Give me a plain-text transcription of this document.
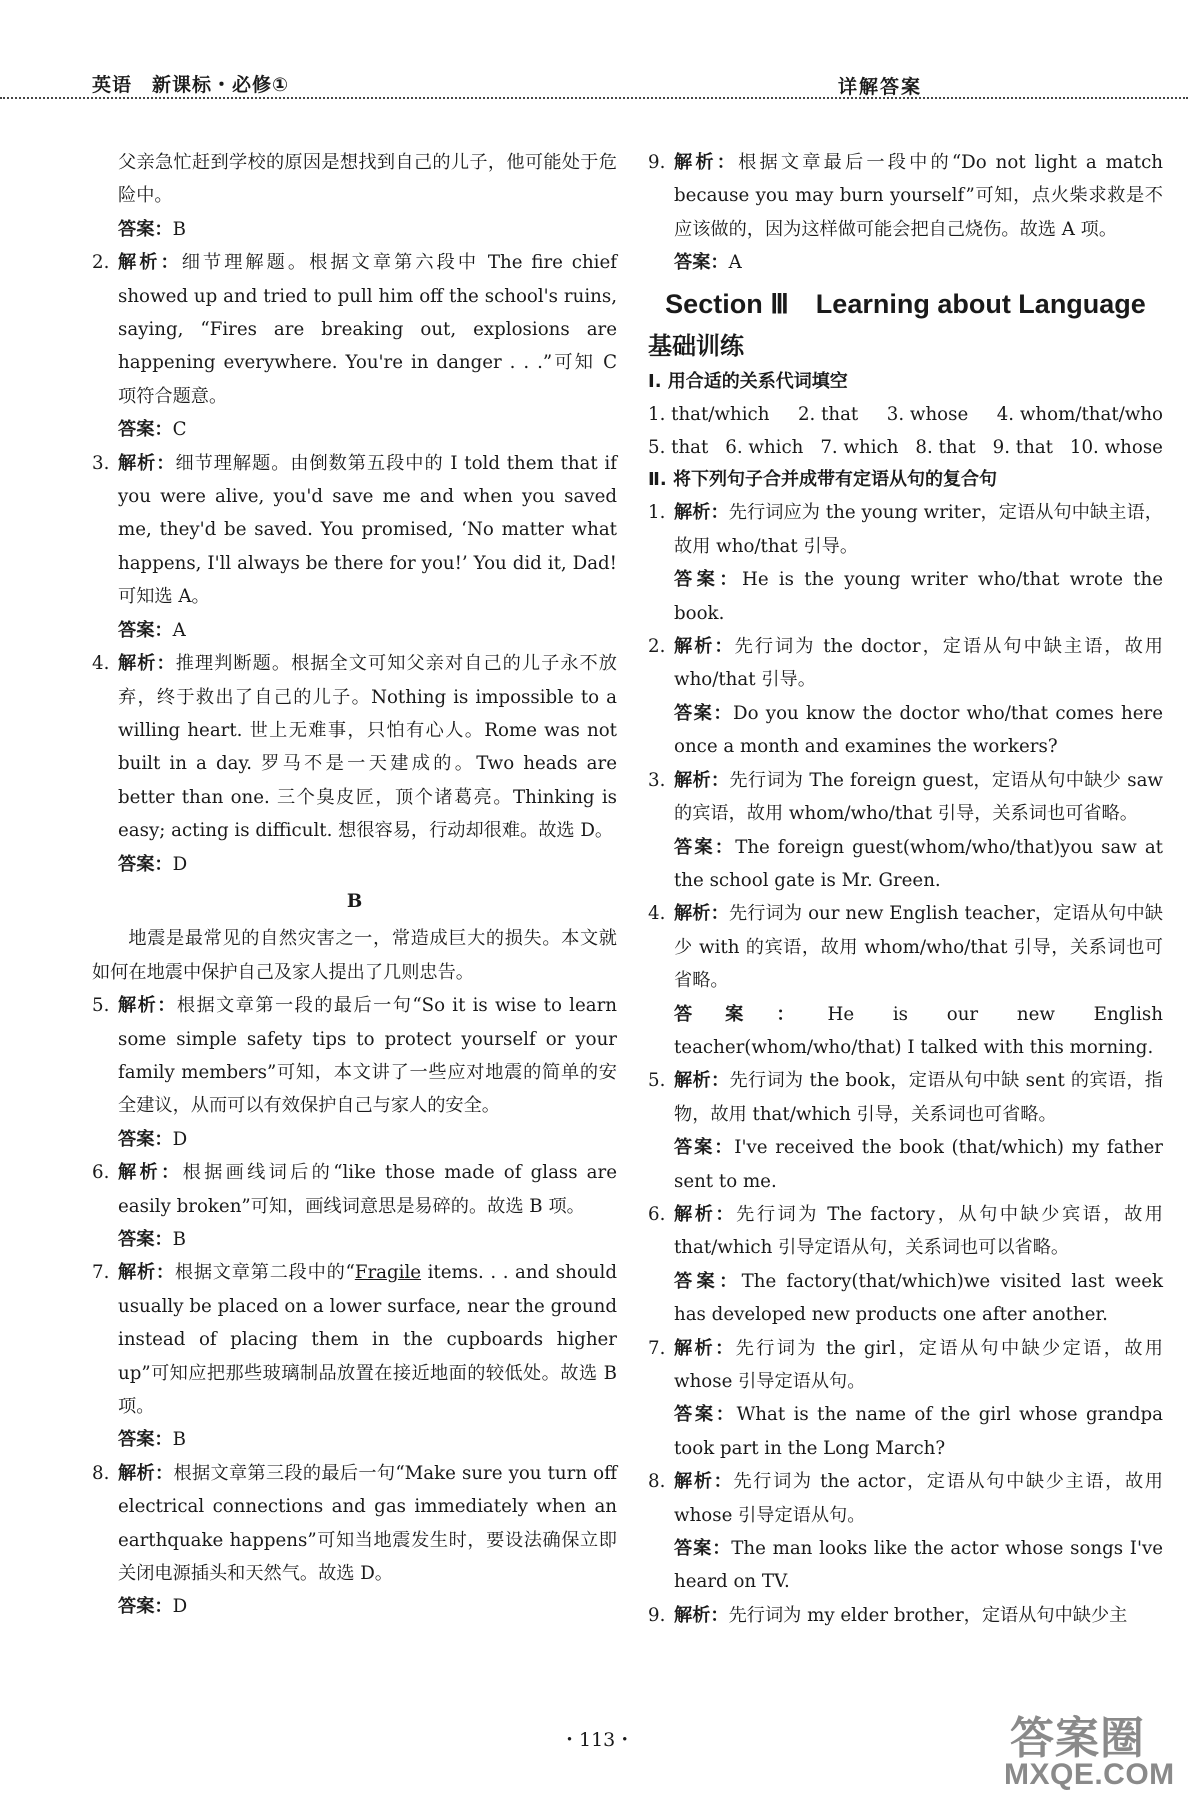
英语　新课标・必修①	详解答案
父亲急忙赶到学校的原因是想找到自己的儿子，他可能处于危险中。
答案：B
2. 解析：细节理解题。根据文章第六段中 The fire chief showed up and tried to pull him off the school's ruins, saying, “Fires are breaking out, explosions are happening everywhere. You're in danger . . .”可知 C 项符合题意。
答案：C
3. 解析：细节理解题。由倒数第五段中的 I told them that if you were alive, you'd save me and when you saved me, they'd be saved. You promised, ‘No matter what happens, I'll always be there for you!’ You did it, Dad! 可知选 A。
答案：A
4. 解析：推理判断题。根据全文可知父亲对自己的儿子永不放弃，终于救出了自己的儿子。Nothing is impossible to a willing heart. 世上无难事，只怕有心人。Rome was not built in a day. 罗马不是一天建成的。Two heads are better than one. 三个臭皮匠，顶个诸葛亮。Thinking is easy; acting is difficult. 想很容易，行动却很难。故选 D。
答案：D
B
地震是最常见的自然灾害之一，常造成巨大的损失。本文就如何在地震中保护自己及家人提出了几则忠告。
5. 解析：根据文章第一段的最后一句“So it is wise to learn some simple safety tips to protect yourself or your family members”可知，本文讲了一些应对地震的简单的安全建议，从而可以有效保护自己与家人的安全。
答案：D
6. 解析：根据画线词后的“like those made of glass are easily broken”可知，画线词意思是易碎的。故选 B 项。
答案：B
7. 解析：根据文章第二段中的“Fragile items. . . and should usually be placed on a lower surface, near the ground instead of placing them in the cupboards higher up”可知应把那些玻璃制品放置在接近地面的较低处。故选 B 项。
答案：B
8. 解析：根据文章第三段的最后一句“Make sure you turn off electrical connections and gas immediately when an earthquake happens”可知当地震发生时，要设法确保立即关闭电源插头和天然气。故选 D。
答案：D
9. 解析：根据文章最后一段中的“Do not light a match because you may burn yourself”可知，点火柴求救是不应该做的，因为这样做可能会把自己烧伤。故选 A 项。
答案：A
Section Ⅲ　Learning about Language
基础训练
Ⅰ. 用合适的关系代词填空
1. that/which 2. that 3. whose 4. whom/that/who
5. that 6. which 7. which 8. that 9. that 10. whose
Ⅱ. 将下列句子合并成带有定语从句的复合句
1. 解析：先行词应为 the young writer，定语从句中缺主语，故用 who/that 引导。
答案：He is the young writer who/that wrote the book.
2. 解析：先行词为 the doctor，定语从句中缺主语，故用 who/that 引导。
答案：Do you know the doctor who/that comes here once a month and examines the workers?
3. 解析：先行词为 The foreign guest，定语从句中缺少 saw 的宾语，故用 whom/who/that 引导，关系词也可省略。
答案：The foreign guest(whom/who/that)you saw at the school gate is Mr. Green.
4. 解析：先行词为 our new English teacher，定语从句中缺少 with 的宾语，故用 whom/who/that 引导，关系词也可省略。
答案：He is our new English teacher(whom/who/that) I talked with this morning.
5. 解析：先行词为 the book，定语从句中缺 sent 的宾语，指物，故用 that/which 引导，关系词也可省略。
答案：I've received the book (that/which) my father sent to me.
6. 解析：先行词为 The factory，从句中缺少宾语，故用 that/which 引导定语从句，关系词也可以省略。
答案：The factory(that/which)we visited last week has developed new products one after another.
7. 解析：先行词为 the girl，定语从句中缺少定语，故用 whose 引导定语从句。
答案：What is the name of the girl whose grandpa took part in the Long March?
8. 解析：先行词为 the actor，定语从句中缺少主语，故用 whose 引导定语从句。
答案：The man looks like the actor whose songs I've heard on TV.
9. 解析：先行词为 my elder brother，定语从句中缺少主
・113・	答案圈
MXQE.COM
